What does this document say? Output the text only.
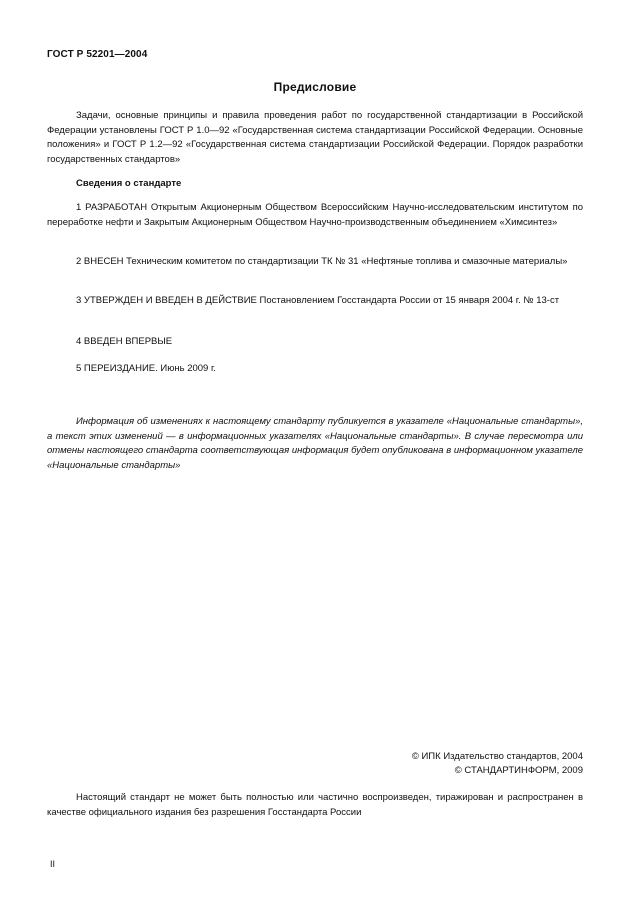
ГОСТ Р 52201—2004
Предисловие
Задачи, основные принципы и правила проведения работ по государственной стандартизации в Российской Федерации установлены ГОСТ Р 1.0—92 «Государственная система стандартизации Российской Федерации. Основные положения» и ГОСТ Р 1.2—92 «Государственная система стандартизации Российской Федерации. Порядок разработки государственных стандартов»
Сведения о стандарте
1 РАЗРАБОТАН Открытым Акционерным Обществом Всероссийским Научно-исследовательским институтом по переработке нефти и Закрытым Акционерным Обществом Научно-производственным объединением «Химсинтез»
2 ВНЕСЕН Техническим комитетом по стандартизации ТК № 31 «Нефтяные топлива и смазочные материалы»
3 УТВЕРЖДЕН И ВВЕДЕН В ДЕЙСТВИЕ Постановлением Госстандарта России от 15 января 2004 г. № 13-ст
4 ВВЕДЕН ВПЕРВЫЕ
5 ПЕРЕИЗДАНИЕ. Июнь 2009 г.
Информация об изменениях к настоящему стандарту публикуется в указателе «Национальные стандарты», а текст этих изменений — в информационных указателях «Национальные стандарты». В случае пересмотра или отмены настоящего стандарта соответствующая информация будет опубликована в информационном указателе «Национальные стандарты»
© ИПК Издательство стандартов, 2004
© СТАНДАРТИНФОРМ, 2009
Настоящий стандарт не может быть полностью или частично воспроизведен, тиражирован и распространен в качестве официального издания без разрешения Госстандарта России
II
